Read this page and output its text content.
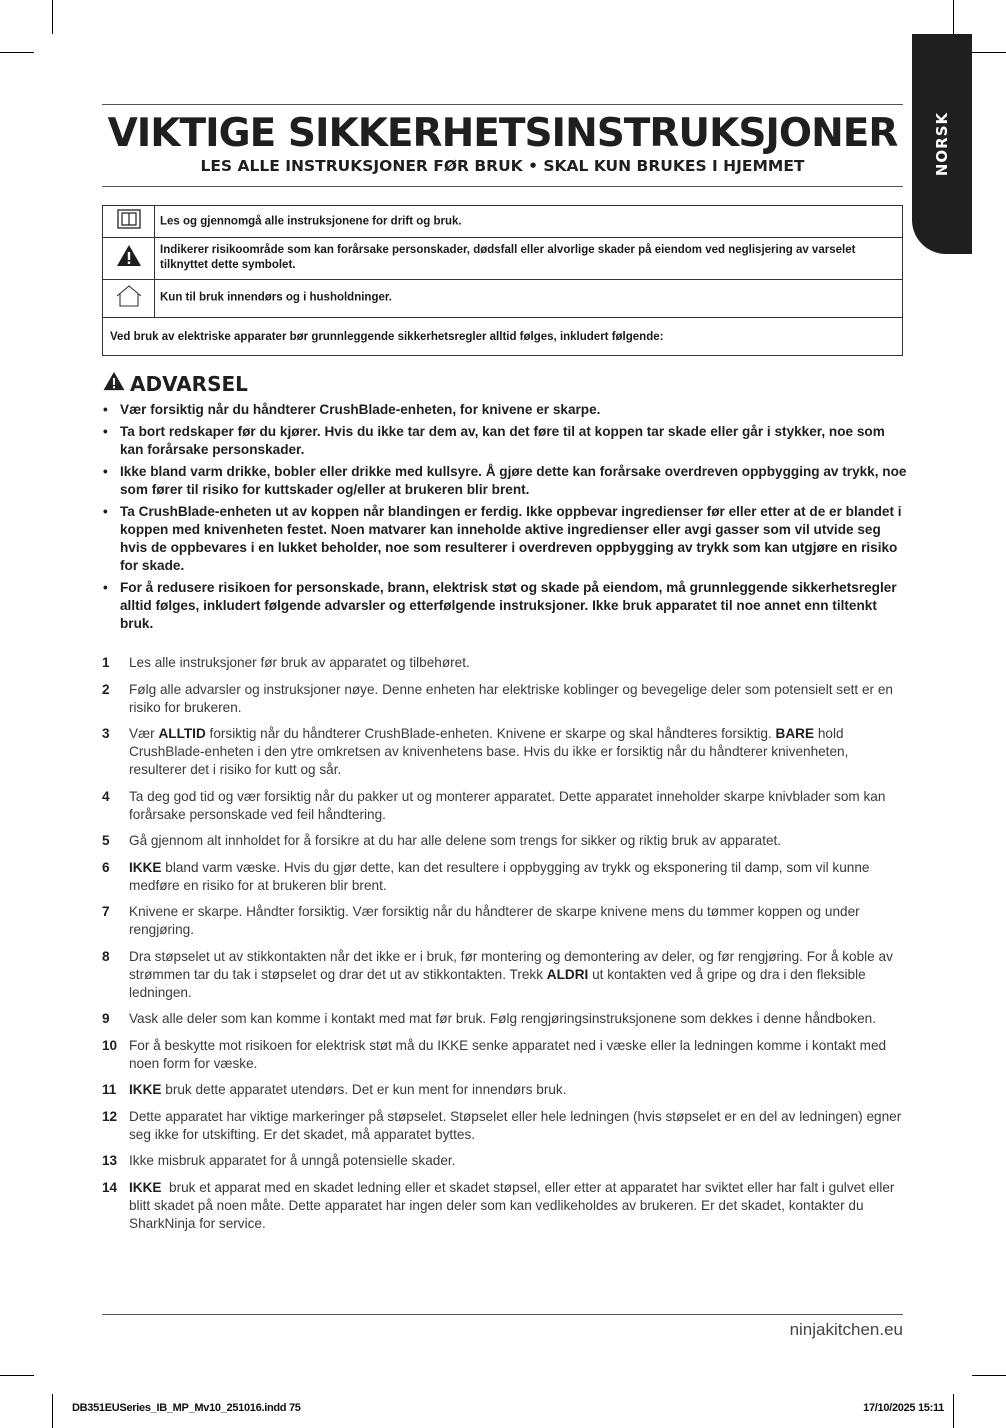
NORSK
VIKTIGE SIKKERHETSINSTRUKSJONER
LES ALLE INSTRUKSJONER FØR BRUK • SKAL KUN BRUKES I HJEMMET
Les og gjennomgå alle instruksjonene for drift og bruk.
Indikerer risikoområde som kan forårsake personskader, dødsfall eller alvorlige skader på eiendom ved neglisjering av varselet tilknyttet dette symbolet.
Kun til bruk innendørs og i husholdninger.
Ved bruk av elektriske apparater bør grunnleggende sikkerhetsregler alltid følges, inkludert følgende:
ADVARSEL
• Vær forsiktig når du håndterer CrushBlade-enheten, for knivene er skarpe.
• Ta bort redskaper før du kjører. Hvis du ikke tar dem av, kan det føre til at koppen tar skade eller går i stykker, noe som kan forårsake personskader.
• Ikke bland varm drikke, bobler eller drikke med kullsyre. Å gjøre dette kan forårsake overdreven oppbygging av trykk, noe som fører til risiko for kuttskader og/eller at brukeren blir brent.
• Ta CrushBlade-enheten ut av koppen når blandingen er ferdig. Ikke oppbevar ingredienser før eller etter at de er blandet i koppen med knivenheten festet. Noen matvarer kan inneholde aktive ingredienser eller avgi gasser som vil utvide seg hvis de oppbevares i en lukket beholder, noe som resulterer i overdreven oppbygging av trykk som kan utgjøre en risiko for skade.
• For å redusere risikoen for personskade, brann, elektrisk støt og skade på eiendom, må grunnleggende sikkerhetsregler alltid følges, inkludert følgende advarsler og etterfølgende instruksjoner. Ikke bruk apparatet til noe annet enn tiltenkt bruk.
1 Les alle instruksjoner før bruk av apparatet og tilbehøret.
2 Følg alle advarsler og instruksjoner nøye. Denne enheten har elektriske koblinger og bevegelige deler som potensielt sett er en risiko for brukeren.
3 Vær ALLTID forsiktig når du håndterer CrushBlade-enheten. Knivene er skarpe og skal håndteres forsiktig. BARE hold CrushBlade-enheten i den ytre omkretsen av knivenhetens base. Hvis du ikke er forsiktig når du håndterer knivenheten, resulterer det i risiko for kutt og sår.
4 Ta deg god tid og vær forsiktig når du pakker ut og monterer apparatet. Dette apparatet inneholder skarpe knivblader som kan forårsake personskade ved feil håndtering.
5 Gå gjennom alt innholdet for å forsikre at du har alle delene som trengs for sikker og riktig bruk av apparatet.
6 IKKE bland varm væske. Hvis du gjør dette, kan det resultere i oppbygging av trykk og eksponering til damp, som vil kunne medføre en risiko for at brukeren blir brent.
7 Knivene er skarpe. Håndter forsiktig. Vær forsiktig når du håndterer de skarpe knivene mens du tømmer koppen og under rengjøring.
8 Dra støpselet ut av stikkontakten når det ikke er i bruk, før montering og demontering av deler, og før rengjøring. For å koble av strømmen tar du tak i støpselet og drar det ut av stikkontakten. Trekk ALDRI ut kontakten ved å gripe og dra i den fleksible ledningen.
9 Vask alle deler som kan komme i kontakt med mat før bruk. Følg rengjøringsinstruksjonene som dekkes i denne håndboken.
10 For å beskytte mot risikoen for elektrisk støt må du IKKE senke apparatet ned i væske eller la ledningen komme i kontakt med noen form for væske.
11 IKKE bruk dette apparatet utendørs. Det er kun ment for innendørs bruk.
12 Dette apparatet har viktige markeringer på støpselet. Støpselet eller hele ledningen (hvis støpselet er en del av ledningen) egner seg ikke for utskifting. Er det skadet, må apparatet byttes.
13 Ikke misbruk apparatet for å unngå potensielle skader.
14 IKKE  bruk et apparat med en skadet ledning eller et skadet støpsel, eller etter at apparatet har sviktet eller har falt i gulvet eller blitt skadet på noen måte. Dette apparatet har ingen deler som kan vedlikeholdes av brukeren. Er det skadet, kontakter du SharkNinja for service.
ninjakitchen.eu
DB351EUSeries_IB_MP_Mv10_251016.indd 75	17/10/2025 15:11
